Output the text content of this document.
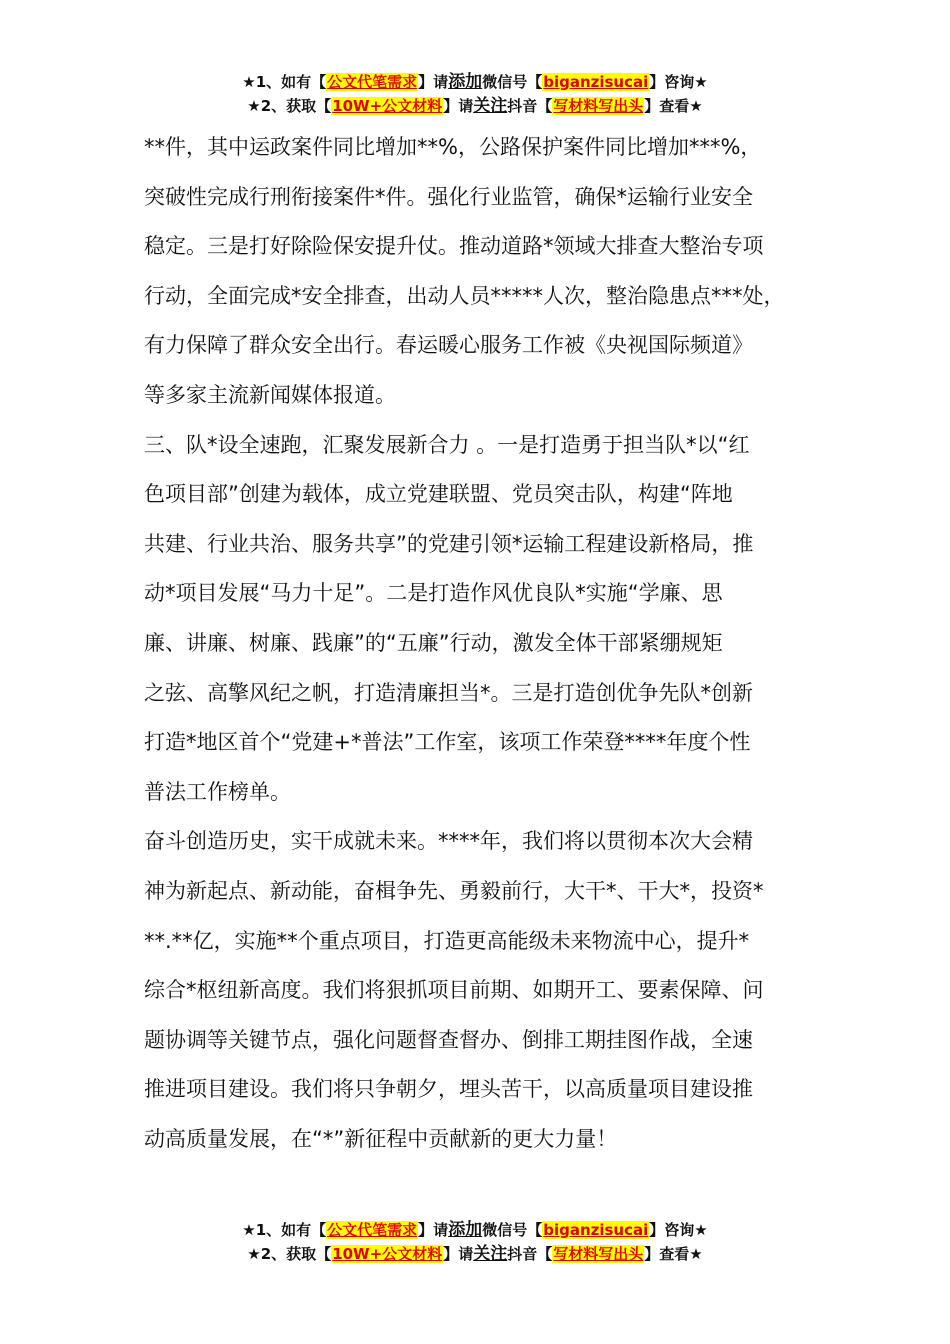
★1、如有【公文代笔需求】请添加微信号【biganzisucai】咨询★
★2、获取【10W+公文材料】请关注抖音【写材料写出头】查看★
**件，其中运政案件同比增加**%，公路保护案件同比增加***%，
突破性完成行刑衔接案件*件。强化行业监管，确保*运输行业安全
稳定。三是打好除险保安提升仗。推动道路*领域大排查大整治专项
行动，全面完成*安全排查，出动人员*****人次，整治隐患点***处，
有力保障了群众安全出行。春运暖心服务工作被《央视国际频道》
等多家主流新闻媒体报道。
三、队*设全速跑，汇聚发展新合力 。一是打造勇于担当队*以“红
色项目部”创建为载体，成立党建联盟、党员突击队，构建“阵地
共建、行业共治、服务共享”的党建引领*运输工程建设新格局，推
动*项目发展“马力十足”。二是打造作风优良队*实施“学廉、思
廉、讲廉、树廉、践廉”的“五廉”行动，激发全体干部紧绷规矩
之弦、高擎风纪之帆，打造清廉担当*。三是打造创优争先队*创新
打造*地区首个“党建+*普法”工作室，该项工作荣登****年度个性
普法工作榜单。
奋斗创造历史，实干成就未来。****年，我们将以贯彻本次大会精
神为新起点、新动能，奋楫争先、勇毅前行，大干*、干大*，投资*
**.**亿，实施**个重点项目，打造更高能级未来物流中心，提升*
综合*枢纽新高度。我们将狠抓项目前期、如期开工、要素保障、问
题协调等关键节点，强化问题督查督办、倒排工期挂图作战，全速
推进项目建设。我们将只争朝夕，埋头苦干，以高质量项目建设推
动高质量发展，在“*”新征程中贡献新的更大力量！
★1、如有【公文代笔需求】请添加微信号【biganzisucai】咨询★
★2、获取【10W+公文材料】请关注抖音【写材料写出头】查看★
